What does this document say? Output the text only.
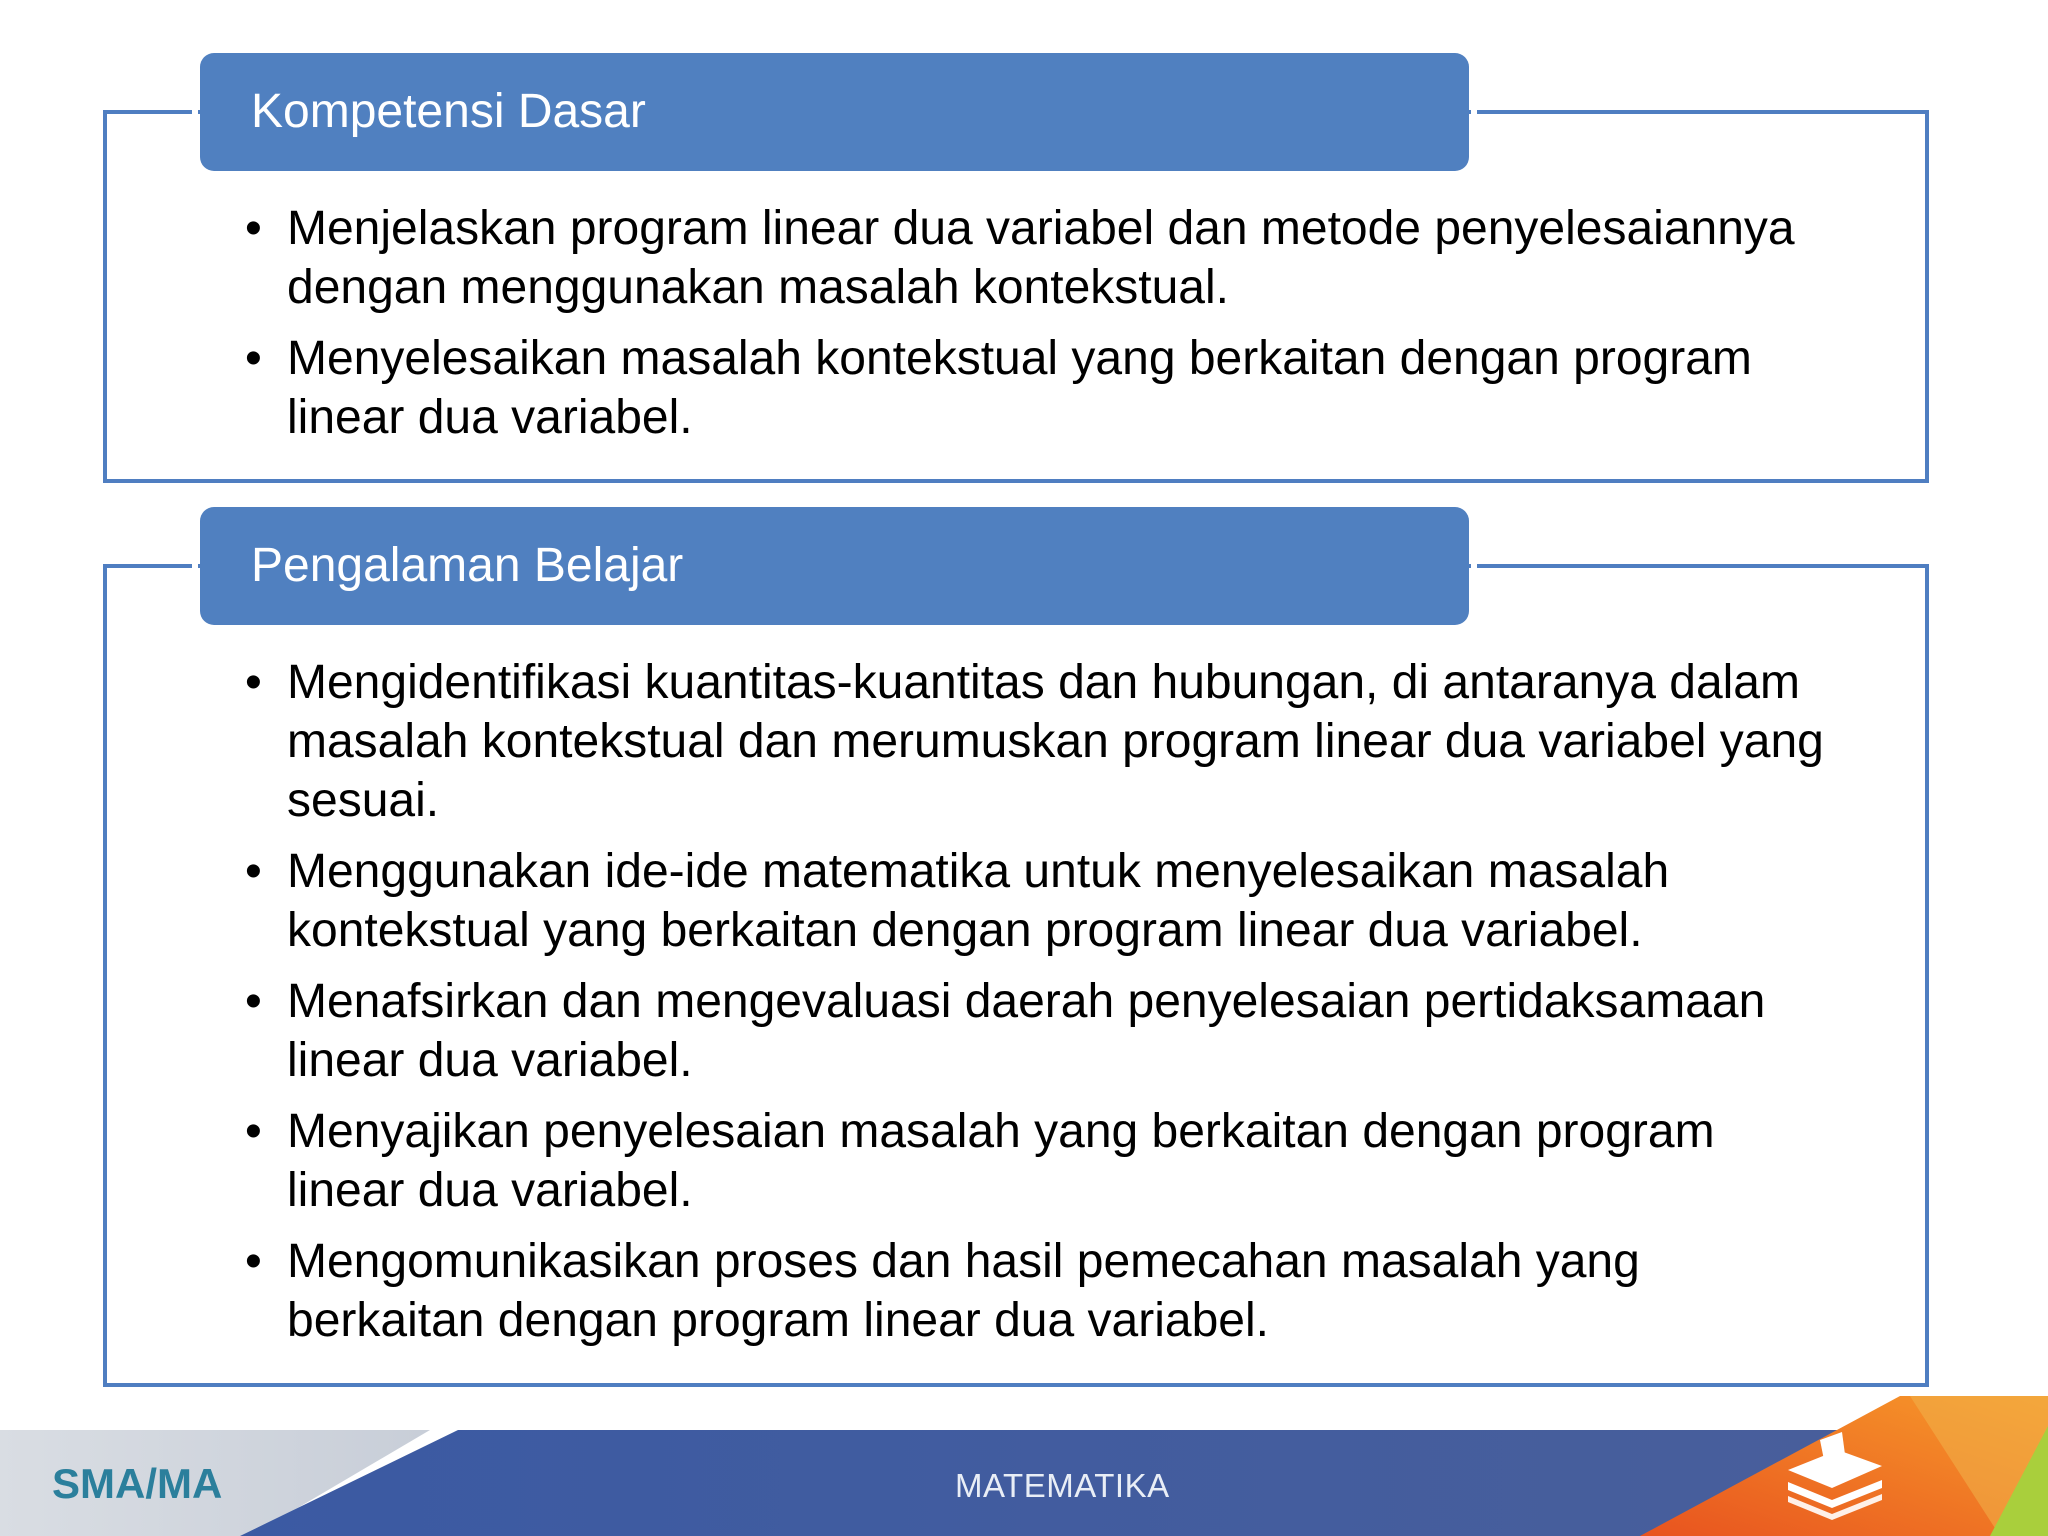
Kompetensi Dasar
• Menjelaskan program linear dua variabel dan metode penyelesaiannya dengan menggunakan masalah kontekstual.
• Menyelesaikan masalah kontekstual yang berkaitan dengan program linear dua variabel.
Pengalaman Belajar
• Mengidentifikasi kuantitas-kuantitas dan hubungan, di antaranya dalam masalah kontekstual dan merumuskan program linear dua variabel yang sesuai.
• Menggunakan ide-ide matematika untuk menyelesaikan masalah kontekstual yang berkaitan dengan program linear dua variabel.
• Menafsirkan dan mengevaluasi daerah penyelesaian pertidaksamaan linear dua variabel.
• Menyajikan penyelesaian masalah yang berkaitan dengan program linear dua variabel.
• Mengomunikasikan proses dan hasil pemecahan masalah yang berkaitan dengan program linear dua variabel.
SMA/MA	MATEMATIKA
